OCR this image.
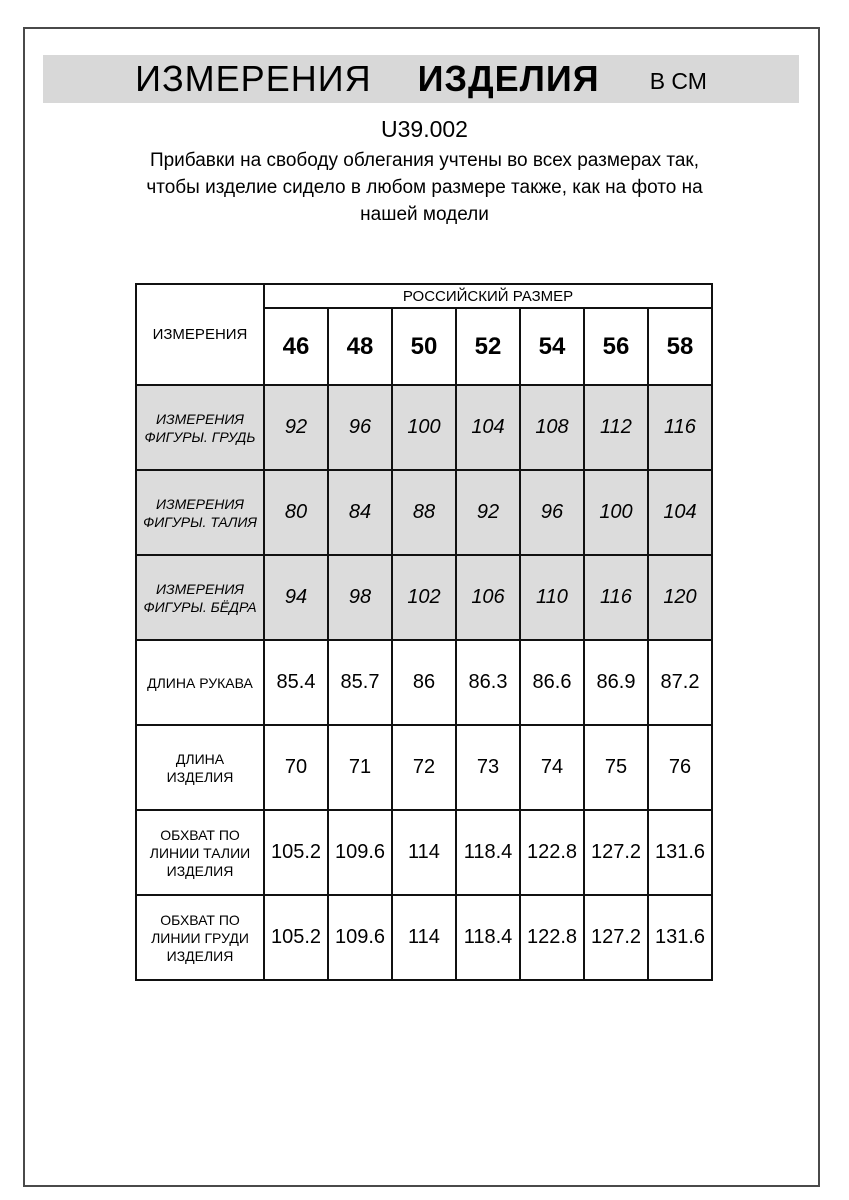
ИЗМЕРЕНИЯ ИЗДЕЛИЯ В СМ
U39.002
Прибавки на свободу облегания учтены во всех размерах так,
чтобы изделие сидело в любом размере также, как на фото на
нашей модели
ИЗМЕРЕНИЯ	РОССИЙСКИЙ РАЗМЕР						
	46	48	50	52	54	56	58
ИЗМЕРЕНИЯ ФИГУРЫ. ГРУДЬ	92	96	100	104	108	112	116
ИЗМЕРЕНИЯ ФИГУРЫ. ТАЛИЯ	80	84	88	92	96	100	104
ИЗМЕРЕНИЯ ФИГУРЫ. БЁДРА	94	98	102	106	110	116	120
ДЛИНА РУКАВА	85.4	85.7	86	86.3	86.6	86.9	87.2
ДЛИНА ИЗДЕЛИЯ	70	71	72	73	74	75	76
ОБХВАТ ПО ЛИНИИ ТАЛИИ ИЗДЕЛИЯ	105.2	109.6	114	118.4	122.8	127.2	131.6
ОБХВАТ ПО ЛИНИИ ГРУДИ ИЗДЕЛИЯ	105.2	109.6	114	118.4	122.8	127.2	131.6
